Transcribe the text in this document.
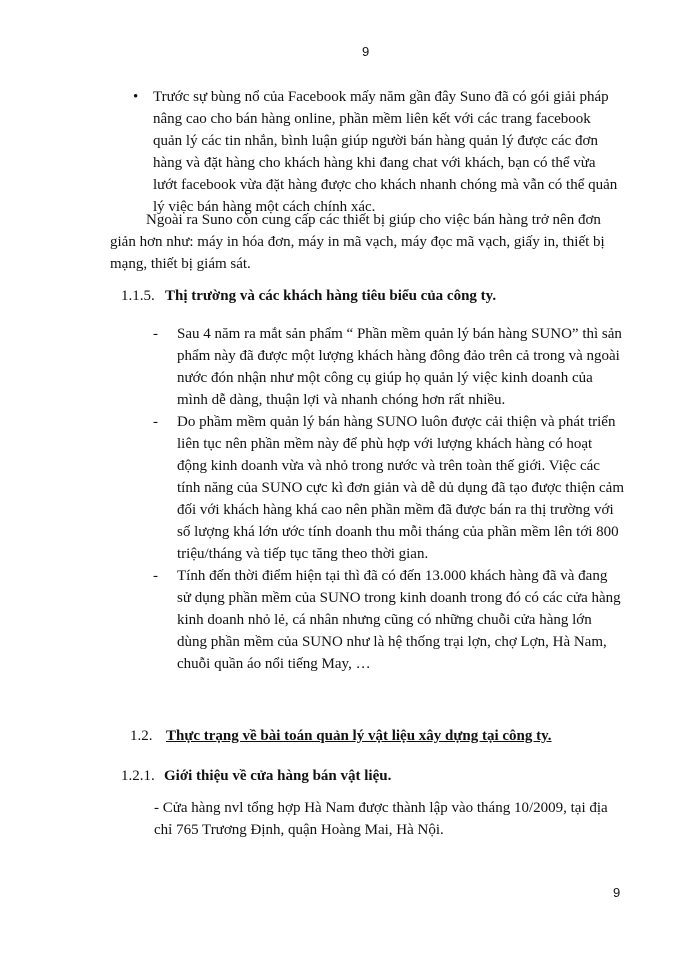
9
• Trước sự bùng nổ của Facebook mấy năm gần đây Suno đã có gói giải pháp
nâng cao cho bán hàng online, phần mềm liên kết với các trang facebook
quản lý các tin nhắn, bình luận giúp người bán hàng quản lý được các đơn
hàng và đặt hàng cho khách hàng khi đang chat với khách, bạn có thể vừa
lướt facebook vừa đặt hàng được cho khách nhanh chóng mà vẫn có thể quản
lý việc bán hàng một cách chính xác.
Ngoài ra Suno còn cung cấp các thiết bị giúp cho việc bán hàng trở nên đơn
giản hơn như: máy in hóa đơn, máy in mã vạch, máy đọc mã vạch, giấy in, thiết bị
mạng, thiết bị giám sát.
1.1.5. Thị trường và các khách hàng tiêu biểu của công ty.
- Sau 4 năm ra mắt sản phẩm “ Phần mềm quản lý bán hàng SUNO” thì sản
phẩm này đã được một lượng khách hàng đông đảo trên cả trong và ngoài
nước đón nhận như một công cụ giúp họ quản lý việc kinh doanh của
mình dễ dàng, thuận lợi và nhanh chóng hơn rất nhiều.
- Do phầm mềm quản lý bán hàng SUNO luôn được cải thiện và phát triển
liên tục nên phần mềm này để phù hợp với lượng khách hàng có hoạt
động kinh doanh vừa và nhỏ trong nước và trên toàn thế giới. Việc các
tính năng của SUNO cực kì đơn giản và dễ dủ dụng đã tạo được thiện cảm
đối với khách hàng khá cao nên phần mềm đã được bán ra thị trường với
số lượng khá lớn ước tính doanh thu mỗi tháng của phần mềm lên tới 800
triệu/tháng và tiếp tục tăng theo thời gian.
- Tính đến thời điểm hiện tại thì đã có đến 13.000 khách hàng đã và đang
sử dụng phần mềm của SUNO trong kinh doanh trong đó có các cửa hàng
kinh doanh nhỏ lẻ, cá nhân nhưng cũng có những chuỗi cửa hàng lớn
dùng phần mềm của SUNO như là hệ thống trại lợn, chợ Lợn, Hà Nam,
chuỗi quần áo nổi tiếng May, …
1.2. Thực trạng về bài toán quản lý vật liệu xây dựng tại công ty.
1.2.1. Giới thiệu về cửa hàng bán vật liệu.
- Cửa hàng nvl tổng hợp Hà Nam được thành lập vào tháng 10/2009, tại địa
chỉ 765 Trương Định, quận Hoàng Mai, Hà Nội.
9
